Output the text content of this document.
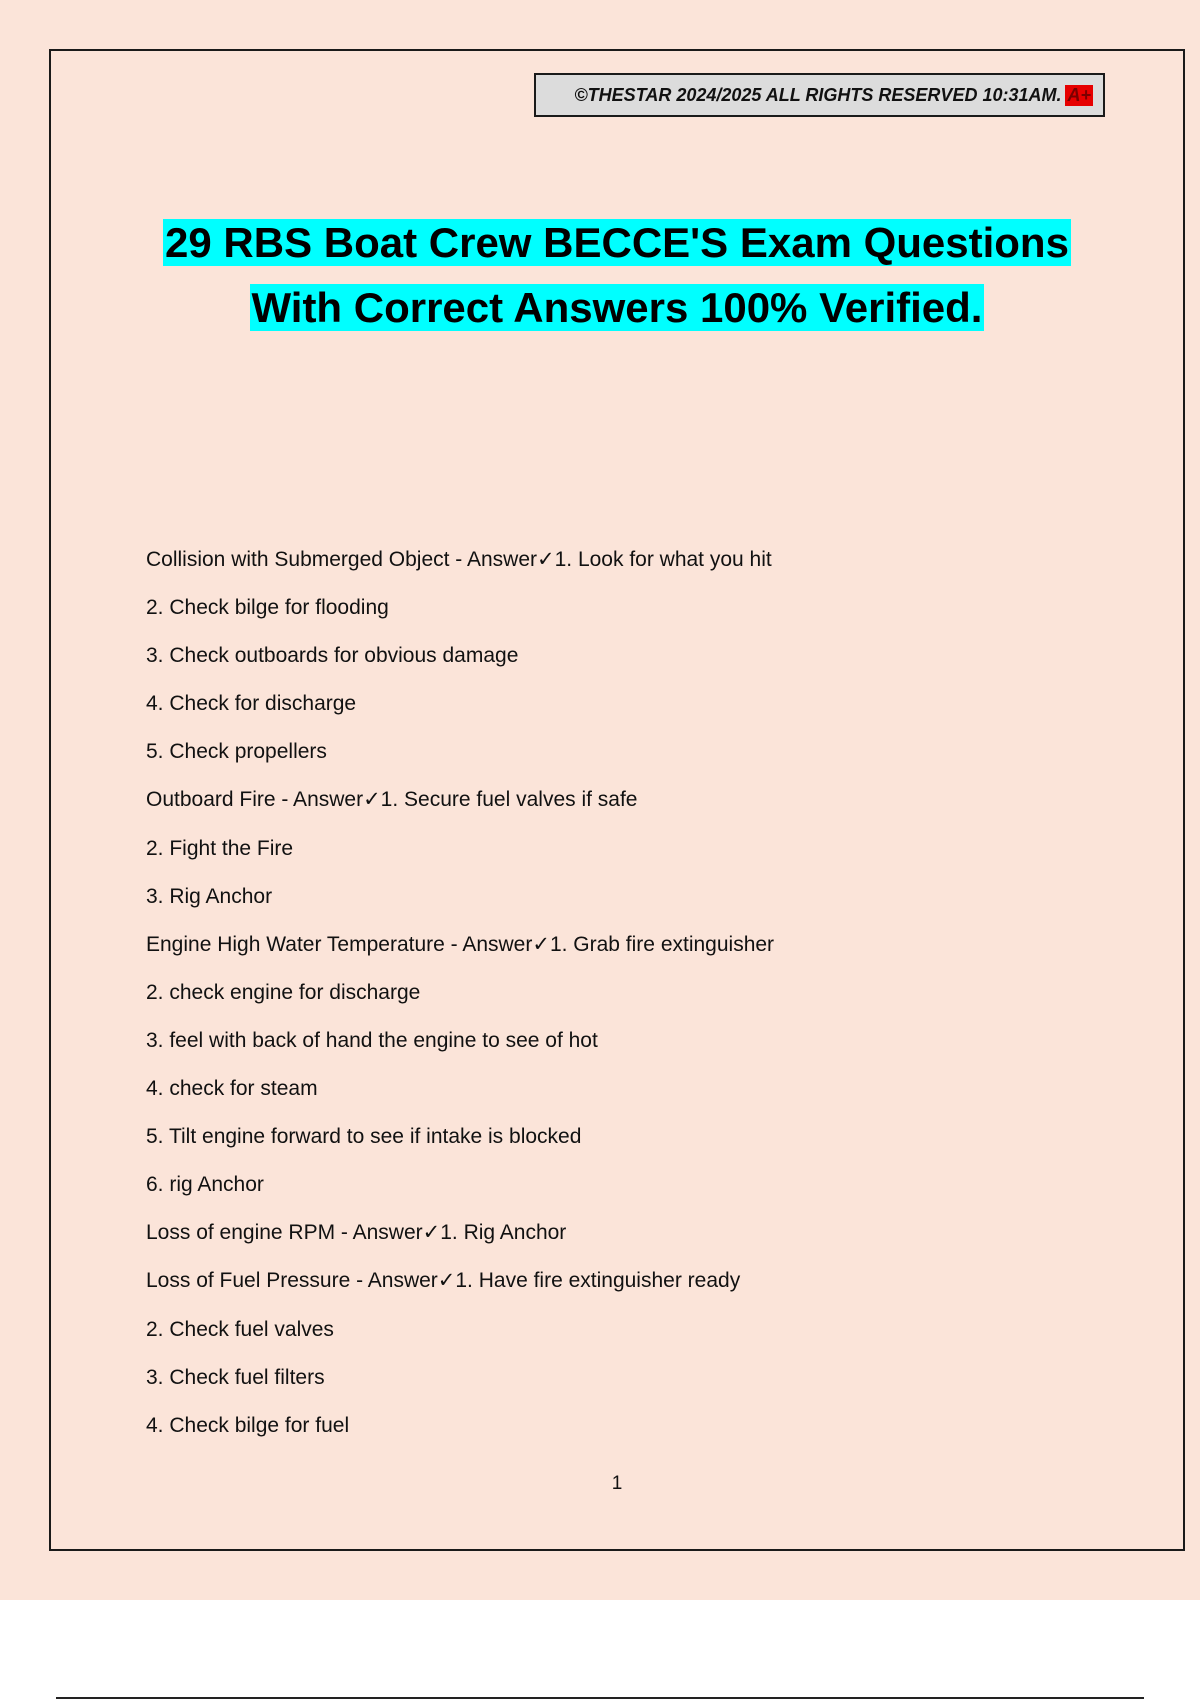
©THESTAR 2024/2025 ALL RIGHTS RESERVED 10:31AM. A+
29 RBS Boat Crew BECCE'S Exam Questions
With Correct Answers 100% Verified.
Collision with Submerged Object - Answer✓1. Look for what you hit
2. Check bilge for flooding
3. Check outboards for obvious damage
4. Check for discharge
5. Check propellers
Outboard Fire - Answer✓1. Secure fuel valves if safe
2. Fight the Fire
3. Rig Anchor
Engine High Water Temperature - Answer✓1. Grab fire extinguisher
2. check engine for discharge
3. feel with back of hand the engine to see of hot
4. check for steam
5. Tilt engine forward to see if intake is blocked
6. rig Anchor
Loss of engine RPM - Answer✓1. Rig Anchor
Loss of Fuel Pressure - Answer✓1. Have fire extinguisher ready
2. Check fuel valves
3. Check fuel filters
4. Check bilge for fuel
1
